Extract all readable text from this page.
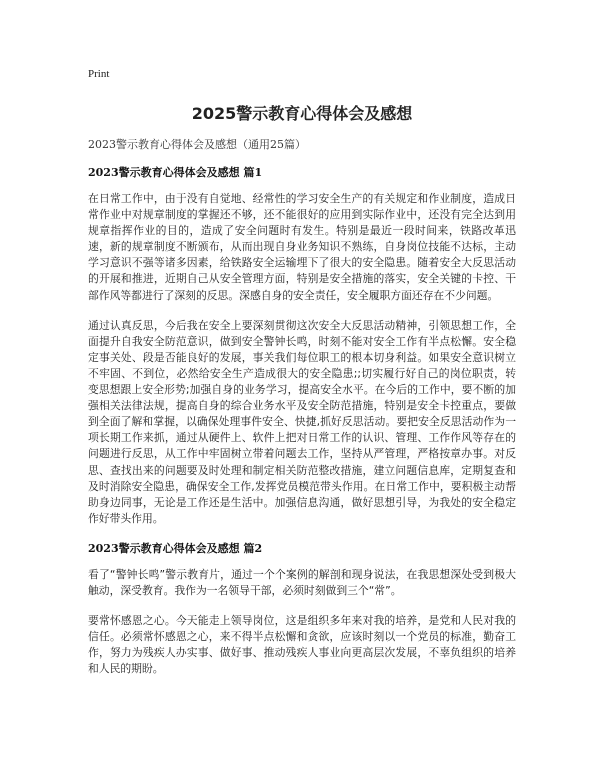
Print
2025警示教育心得体会及感想
2023警示教育心得体会及感想（通用25篇）
2023警示教育心得体会及感想 篇1

在日常工作中，由于没有自觉地、经常性的学习安全生产的有关规定和作业制度，造成日常作业中对规章制度的掌握还不够，还不能很好的应用到实际作业中，还没有完全达到用规章指挥作业的目的，造成了安全问题时有发生。特别是最近一段时间来，铁路改革迅速，新的规章制度不断颁布，从而出现自身业务知识不熟练，自身岗位技能不达标，主动学习意识不强等诸多因素，给铁路安全运输埋下了很大的安全隐患。随着安全大反思活动的开展和推进，近期自己从安全管理方面，特别是安全措施的落实，安全关键的卡控、干部作风等都进行了深刻的反思。深感自身的安全责任，安全履职方面还存在不少问题。

通过认真反思，今后我在安全上要深刻贯彻这次安全大反思活动精神，引领思想工作，全面提升自我安全防范意识，做到安全警钟长鸣，时刻不能对安全工作有半点松懈。安全稳定事关处、段是否能良好的发展，事关我们每位职工的根本切身利益。如果安全意识树立不牢固、不到位，必然给安全生产造成很大的安全隐患;;切实履行好自己的岗位职责，转变思想跟上安全形势;加强自身的业务学习，提高安全水平。在今后的工作中，要不断的加强相关法律法规，提高自身的综合业务水平及安全防范措施，特别是安全卡控重点，要做到全面了解和掌握，以确保处理事件安全、快捷,抓好反思活动。要把安全反思活动作为一项长期工作来抓，通过从硬件上、软件上把对日常工作的认识、管理、工作作风等存在的问题进行反思，从工作中牢固树立带着问题去工作，坚持从严管理，严格按章办事。对反思、查找出来的问题要及时处理和制定相关防范整改措施，建立问题信息库，定期复查和及时消除安全隐患，确保安全工作,发挥党员模范带头作用。在日常工作中，要积极主动帮助身边同事，无论是工作还是生活中。加强信息沟通，做好思想引导，为我处的安全稳定作好带头作用。

2023警示教育心得体会及感想 篇2

看了“警钟长鸣”警示教育片，通过一个个案例的解剖和现身说法，在我思想深处受到极大触动，深受教育。我作为一名领导干部，必须时刻做到三个“常”。

要常怀感恩之心。今天能走上领导岗位，这是组织多年来对我的培养，是党和人民对我的信任。必须常怀感恩之心，来不得半点松懈和贪欲，应该时刻以一个党员的标准，勤奋工作，努力为残疾人办实事、做好事、推动残疾人事业向更高层次发展，不辜负组织的培养和人民的期盼。
